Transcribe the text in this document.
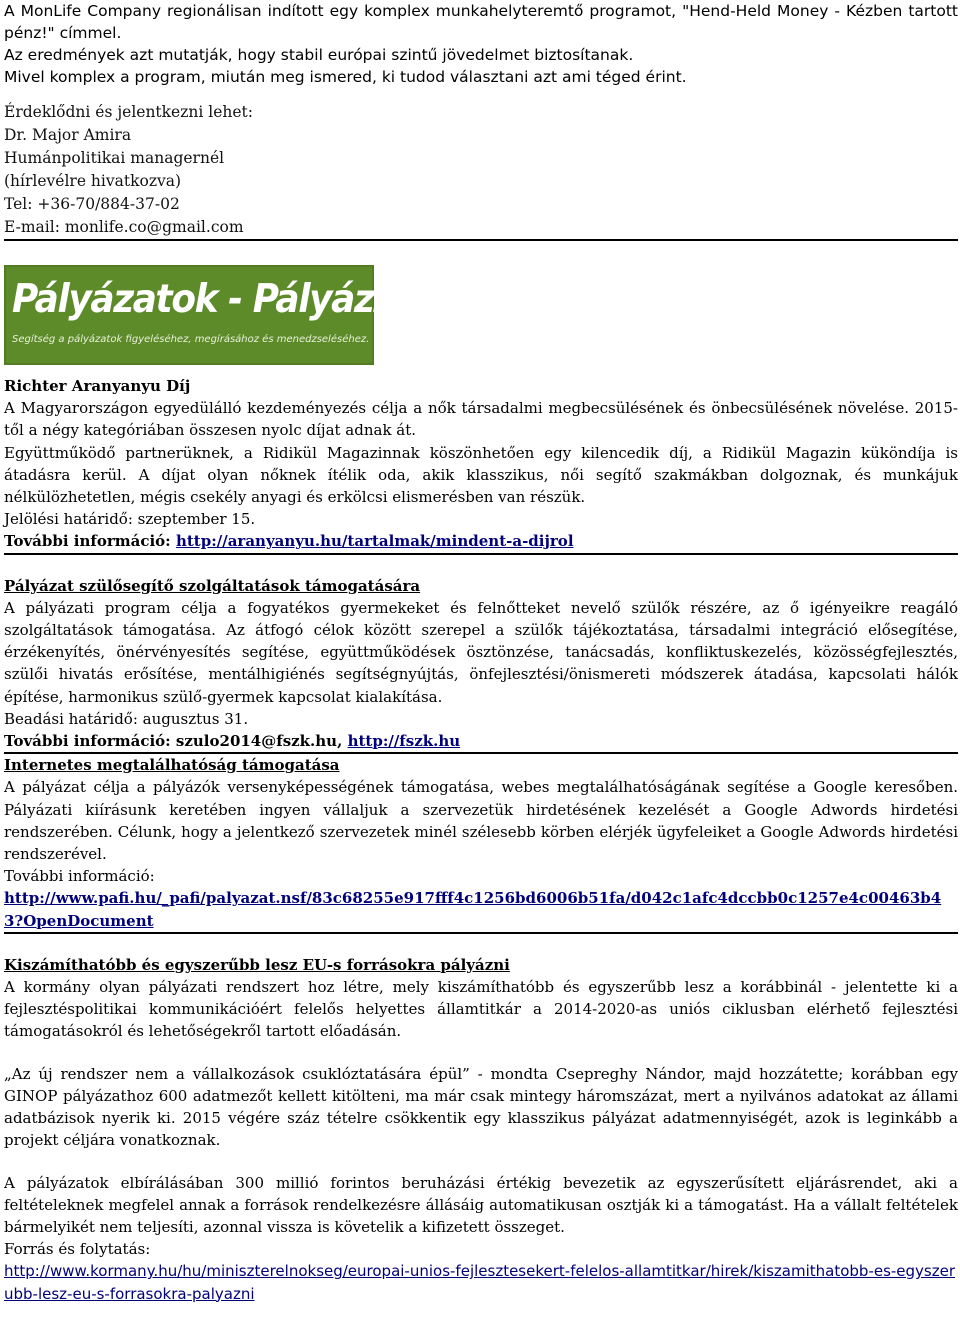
A MonLife Company regionálisan indított egy komplex munkahelyteremtő programot, "Hend-Held Money - Kézben tartott pénz!" címmel.

Az eredmények azt mutatják, hogy stabil európai szintű jövedelmet biztosítanak.

Mivel komplex a program, miután meg ismered, ki tudod választani azt ami téged érint.

Érdeklődni és jelentkezni lehet:

Dr. Major Amira

Humánpolitikai managernél

(hírlevélre hivatkozva)

Tel: +36-70/884-37-02

E-mail: monlife.co@gmail.com

Pályázatok - Pályázzatok
Segítség a pályázatok figyeléséhez, megírásához és menedzseléséhez.

Richter Aranyanyu Díj

A Magyarországon egyedülálló kezdeményezés célja a nők társadalmi megbecsülésének és önbecsülésének növelése. 2015-től a négy kategóriában összesen nyolc díjat adnak át.

Együttműködő partnerüknek, a Ridikül Magazinnak köszönhetően egy kilencedik díj, a Ridikül Magazin küköndíja is átadásra kerül. A díjat olyan nőknek ítélik oda, akik klasszikus, női segítő szakmákban dolgoznak, és munkájuk nélkülözhetetlen, mégis csekély anyagi és erkölcsi elismerésben van részük.

Jelölési határidő: szeptember 15.

További információ: http://aranyanyu.hu/tartalmak/mindent-a-dijrol

Pályázat szülősegítő szolgáltatások támogatására

A pályázati program célja a fogyatékos gyermekeket és felnőtteket nevelő szülők részére, az ő igényeikre reagáló szolgáltatások támogatása. Az átfogó célok között szerepel a szülők tájékoztatása, társadalmi integráció elősegítése, érzékenyítés, önérvényesítés segítése, együttműködések ösztönzése, tanácsadás, konfliktuskezelés, közösségfejlesztés, szülői hivatás erősítése, mentálhigiénés segítségnyújtás, önfejlesztési/önismereti módszerek átadása, kapcsolati hálók építése, harmonikus szülő-gyermek kapcsolat kialakítása.

Beadási határidő: augusztus 31.

További információ: szulo2014@fszk.hu, http://fszk.hu

Internetes megtalálhatóság támogatása

A pályázat célja a pályázók versenyképességének támogatása, webes megtalálhatóságának segítése a Google keresőben. Pályázati kiírásunk keretében ingyen vállaljuk a szervezetük hirdetésének kezelését a Google Adwords hirdetési rendszerében. Célunk, hogy a jelentkező szervezetek minél szélesebb körben elérjék ügyfeleiket a Google Adwords hirdetési rendszerével.

További információ:

http://www.pafi.hu/_pafi/palyazat.nsf/83c68255e917fff4c1256bd6006b51fa/d042c1afc4dccbb0c1257e4c00463b43?OpenDocument

Kiszámíthatóbb és egyszerűbb lesz EU-s forrásokra pályázni

A kormány olyan pályázati rendszert hoz létre, mely kiszámíthatóbb és egyszerűbb lesz a korábbinál - jelentette ki a fejlesztéspolitikai kommunikációért felelős helyettes államtitkár a 2014-2020-as uniós ciklusban elérhető fejlesztési támogatásokról és lehetőségekről tartott előadásán.

„Az új rendszer nem a vállalkozások csuklóztatására épül” - mondta Csepreghy Nándor, majd hozzátette; korábban egy GINOP pályázathoz 600 adatmezőt kellett kitölteni, ma már csak mintegy háromszázat, mert a nyilvános adatokat az állami adatbázisok nyerik ki. 2015 végére száz tételre csökkentik egy klasszikus pályázat adatmennyiségét, azok is leginkább a projekt céljára vonatkoznak.

A pályázatok elbírálásában 300 millió forintos beruházási értékig bevezetik az egyszerűsített eljárásrendet, aki a feltételeknek megfelel annak a források rendelkezésre állásáig automatikusan osztják ki a támogatást. Ha a vállalt feltételek bármelyikét nem teljesíti, azonnal vissza is követelik a kifizetett összeget.

Forrás és folytatás:

http://www.kormany.hu/hu/miniszterelnokseg/europai-unios-fejlesztesekert-felelos-allamtitkar/hirek/kiszamithatobb-es-egyszerubb-lesz-eu-s-forrasokra-palyazni
